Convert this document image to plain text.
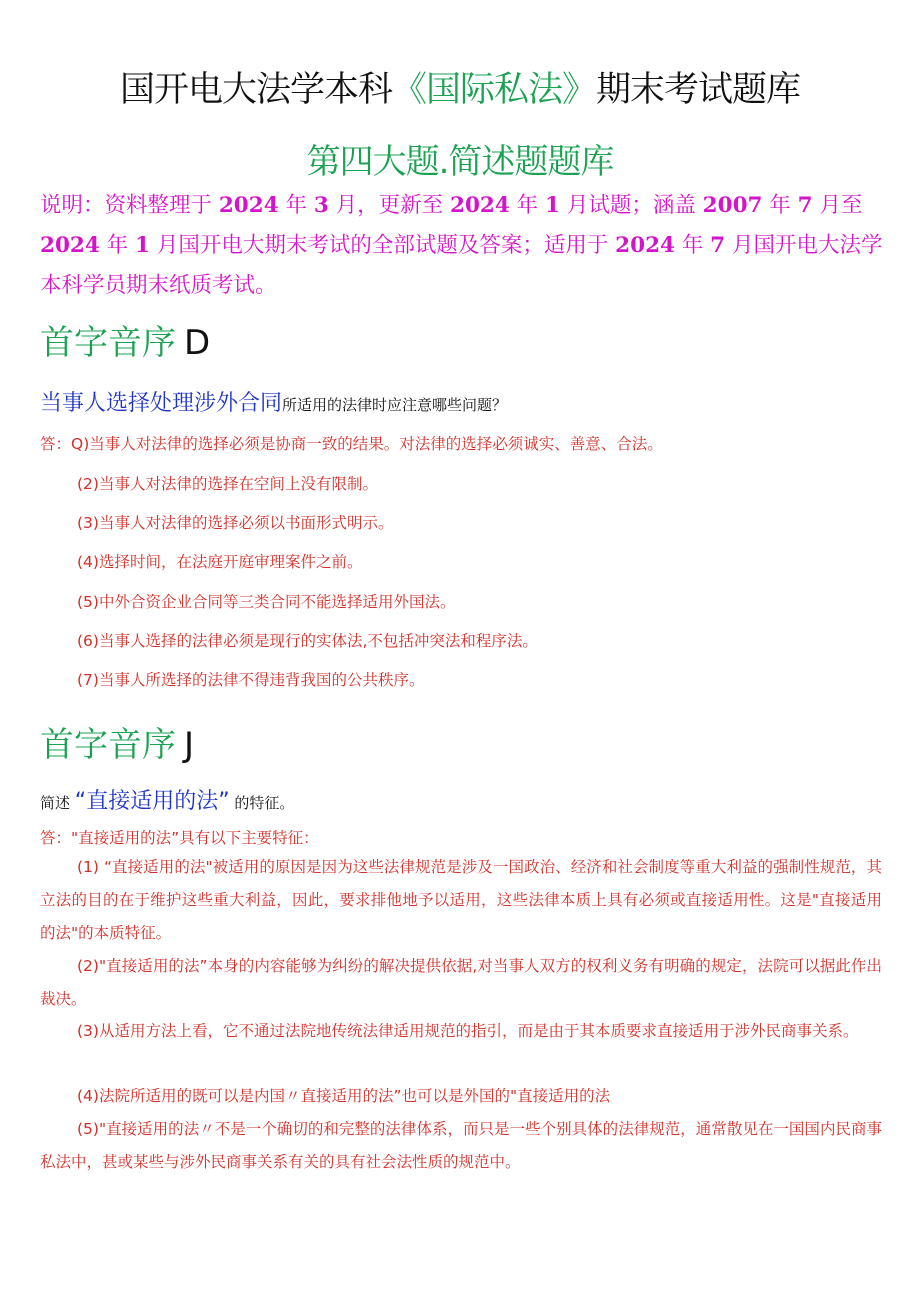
国开电大法学本科《国际私法》期末考试题库
第四大题.简述题题库
说明：资料整理于 2024 年 3 月，更新至 2024 年 1 月试题；涵盖 2007 年 7 月至 2024 年 1 月国开电大期末考试的全部试题及答案；适用于 2024 年 7 月国开电大法学本科学员期末纸质考试。
首字音序 D
当事人选择处理涉外合同所适用的法律时应注意哪些问题？
答：Q)当事人对法律的选择必须是协商一致的结果。对法律的选择必须诚实、善意、合法。
(2)当事人对法律的选择在空间上没有限制。
(3)当事人对法律的选择必须以书面形式明示。
(4)选择时间，在法庭开庭审理案件之前。
(5)中外合资企业合同等三类合同不能选择适用外国法。
(6)当事人选择的法律必须是现行的实体法,不包括冲突法和程序法。
(7)当事人所选择的法律不得违背我国的公共秩序。
首字音序 J
简述 “直接适用的法” 的特征。
答："直接适用的法”具有以下主要特征：
(1) “直接适用的法"被适用的原因是因为这些法律规范是涉及一国政治、经济和社会制度等重大利益的强制性规范，其立法的目的在于维护这些重大利益，因此，要求排他地予以适用，这些法律本质上具有必须或直接适用性。这是"直接适用的法"的本质特征。
(2)"直接适用的法”本身的内容能够为纠纷的解决提供依据,对当事人双方的权利义务有明确的规定，法院可以据此作出裁决。
(3)从适用方法上看，它不通过法院地传统法律适用规范的指引，而是由于其本质要求直接适用于涉外民商事关系。
(4)法院所适用的既可以是内国〃直接适用的法”也可以是外国的"直接适用的法
(5)"直接适用的法〃不是一个确切的和完整的法律体系，而只是一些个别具体的法律规范，通常散见在一国国内民商事私法中，甚或某些与涉外民商事关系有关的具有社会法性质的规范中。
